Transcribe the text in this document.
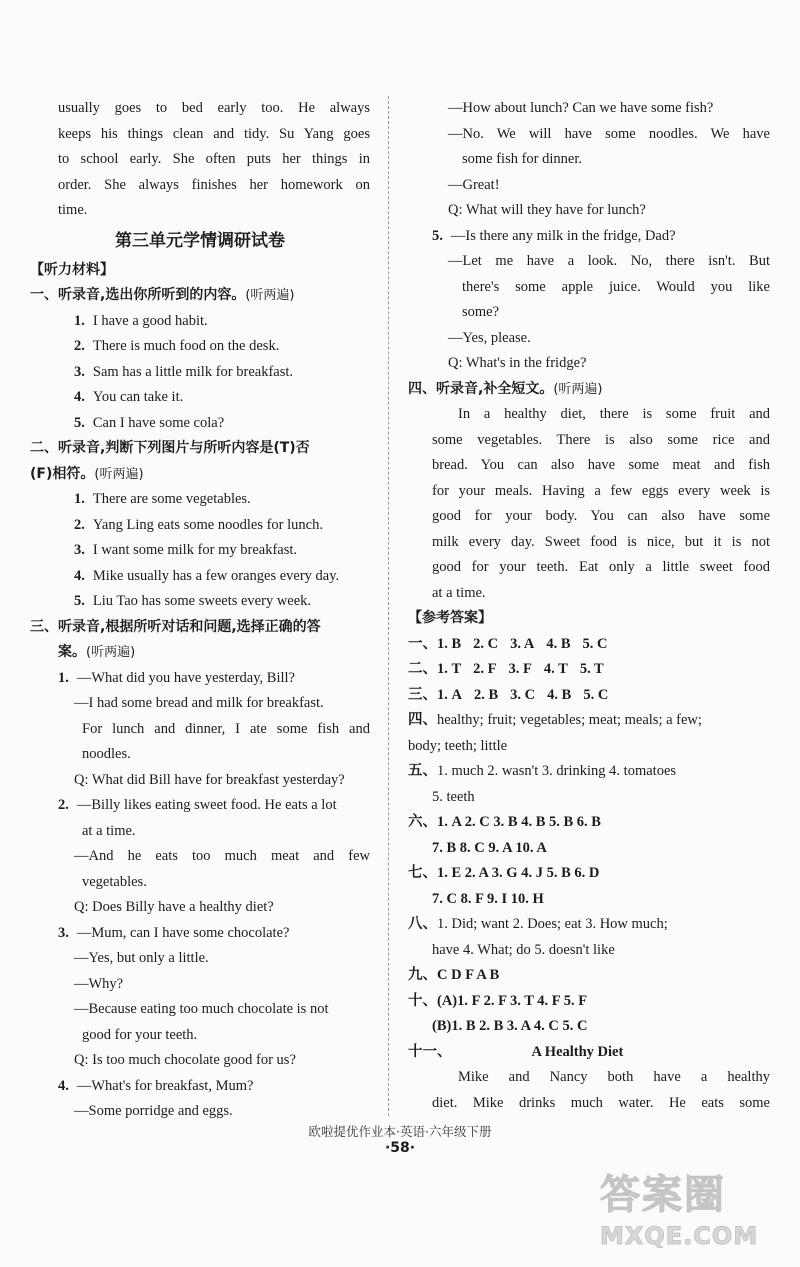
usually goes to bed early too. He always
keeps his things clean and tidy. Su Yang goes
to school early. She often puts her things in
order. She always finishes her homework on
time.
第三单元学情调研试卷
【听力材料】
一、听录音,选出你所听到的内容。(听两遍)
1. I have a good habit.
2. There is much food on the desk.
3. Sam has a little milk for breakfast.
4. You can take it.
5. Can I have some cola?
二、听录音,判断下列图片与所听内容是(T)否
(F)相符。(听两遍)
1. There are some vegetables.
2. Yang Ling eats some noodles for lunch.
3. I want some milk for my breakfast.
4. Mike usually has a few oranges every day.
5. Liu Tao has some sweets every week.
三、听录音,根据所听对话和问题,选择正确的答
案。(听两遍)
1. —What did you have yesterday, Bill?
—I had some bread and milk for breakfast.
For lunch and dinner, I ate some fish and
noodles.
Q: What did Bill have for breakfast yesterday?
2. —Billy likes eating sweet food. He eats a lot
at a time.
—And he eats too much meat and few
vegetables.
Q: Does Billy have a healthy diet?
3. —Mum, can I have some chocolate?
—Yes, but only a little.
—Why?
—Because eating too much chocolate is not
good for your teeth.
Q: Is too much chocolate good for us?
4. —What's for breakfast, Mum?
—Some porridge and eggs.
—How about lunch? Can we have some fish?
—No. We will have some noodles. We have
some fish for dinner.
—Great!
Q: What will they have for lunch?
5. —Is there any milk in the fridge, Dad?
—Let me have a look. No, there isn't. But
there's some apple juice. Would you like
some?
—Yes, please.
Q: What's in the fridge?
四、听录音,补全短文。(听两遍)
In a healthy diet, there is some fruit and
some vegetables. There is also some rice and
bread. You can also have some meat and fish
for your meals. Having a few eggs every week is
good for your body. You can also have some
milk every day. Sweet food is nice, but it is not
good for your teeth. Eat only a little sweet food
at a time.
【参考答案】
一、1. B 2. C 3. A 4. B 5. C
二、1. T 2. F 3. F 4. T 5. T
三、1. A 2. B 3. C 4. B 5. C
四、healthy; fruit; vegetables; meat; meals; a few;
body; teeth; little
五、1. much 2. wasn't 3. drinking 4. tomatoes
5. teeth
六、1. A 2. C 3. B 4. B 5. B 6. B
7. B 8. C 9. A 10. A
七、1. E 2. A 3. G 4. J 5. B 6. D
7. C 8. F 9. I 10. H
八、1. Did; want 2. Does; eat 3. How much;
have 4. What; do 5. doesn't like
九、C D F A B
十、(A)1. F 2. F 3. T 4. F 5. F
(B)1. B 2. B 3. A 4. C 5. C
十一、	A Healthy Diet
Mike and Nancy both have a healthy
diet. Mike drinks much water. He eats some
欧啦提优作业本·英语·六年级下册
·58·
答案圈
MXQE.COM
